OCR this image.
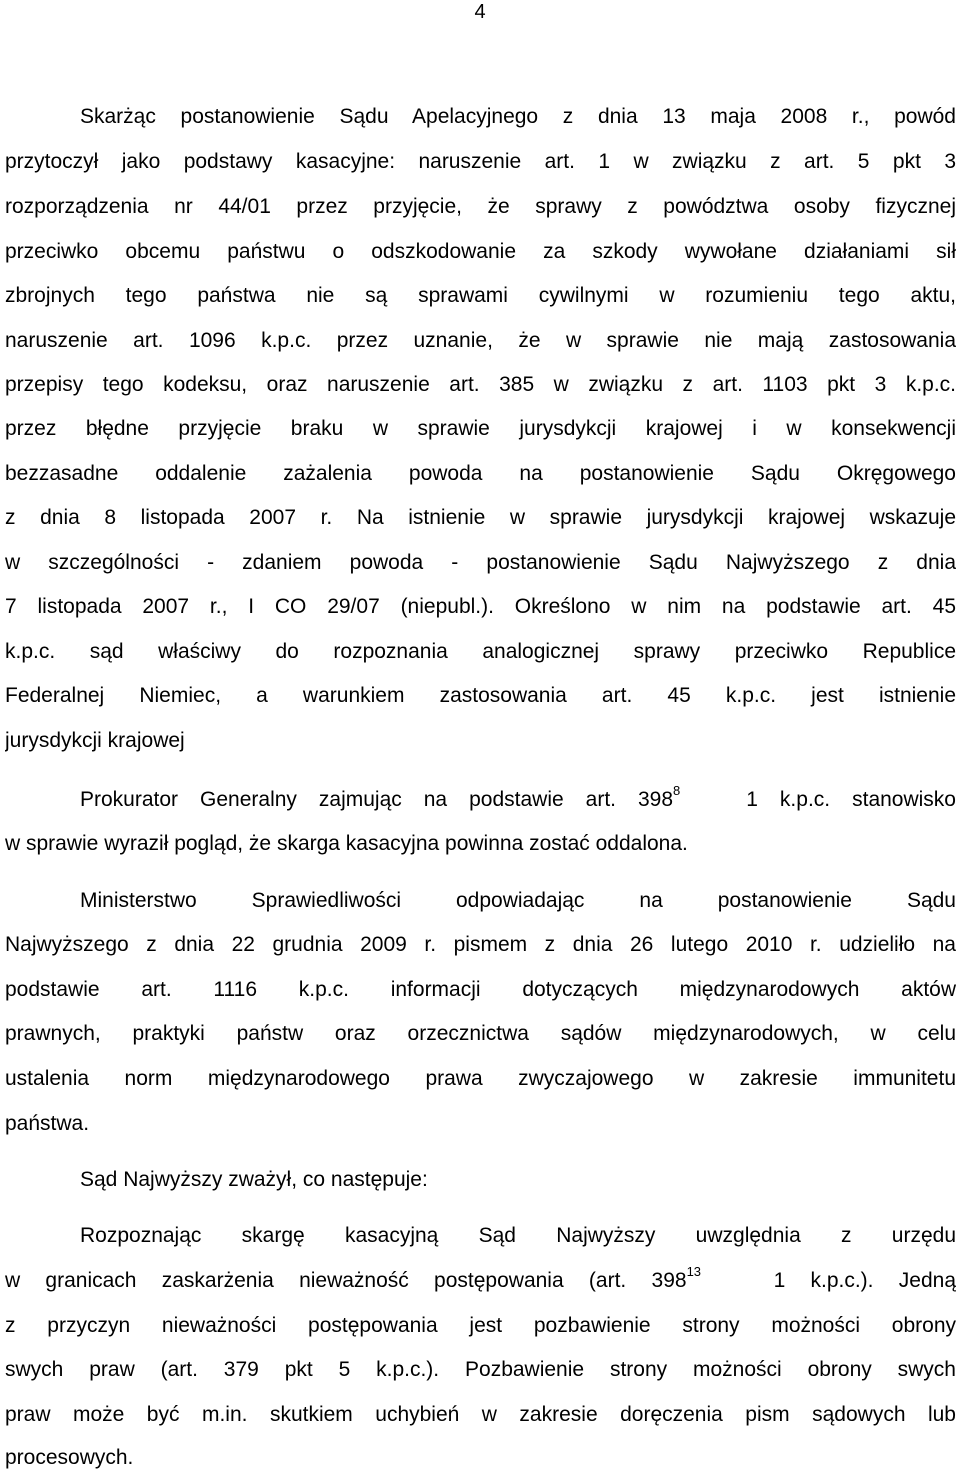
4
Skarżąc postanowienie Sądu Apelacyjnego z dnia 13 maja 2008 r., powód
przytoczył jako podstawy kasacyjne: naruszenie art. 1 w związku z art. 5 pkt 3
rozporządzenia nr 44/01 przez przyjęcie, że sprawy z powództwa osoby fizycznej
przeciwko obcemu państwu o odszkodowanie za szkody wywołane działaniami sił
zbrojnych tego państwa nie są sprawami cywilnymi w rozumieniu tego aktu,
naruszenie art. 1096 k.p.c. przez uznanie, że w sprawie nie mają zastosowania
przepisy tego kodeksu, oraz naruszenie art. 385 w związku z art. 1103 pkt 3 k.p.c.
przez błędne przyjęcie braku w sprawie jurysdykcji krajowej i w konsekwencji
bezzasadne oddalenie zażalenia powoda na postanowienie Sądu Okręgowego
z dnia 8 listopada 2007 r. Na istnienie w sprawie jurysdykcji krajowej wskazuje
w szczególności - zdaniem powoda - postanowienie Sądu Najwyższego z dnia
7 listopada 2007 r., I CO 29/07 (niepubl.). Określono w nim na podstawie art. 45
k.p.c. sąd właściwy do rozpoznania analogicznej sprawy przeciwko Republice
Federalnej Niemiec, a warunkiem zastosowania art. 45 k.p.c. jest istnienie
jurysdykcji krajowej
Prokurator Generalny zajmując na podstawie art. $398^8$	1 k.p.c. stanowisko
w sprawie wyraził pogląd, że skarga kasacyjna powinna zostać oddalona.
Ministerstwo Sprawiedliwości odpowiadając na postanowienie Sądu
Najwyższego z dnia 22 grudnia 2009 r. pismem z dnia 26 lutego 2010 r. udzieliło na
podstawie art. 1116 k.p.c. informacji dotyczących międzynarodowych aktów
prawnych, praktyki państw oraz orzecznictwa sądów międzynarodowych, w celu
ustalenia norm międzynarodowego prawa zwyczajowego w zakresie immunitetu
państwa.
Sąd Najwyższy zważył, co następuje:
Rozpoznając skargę kasacyjną Sąd Najwyższy uwzględnia z urzędu
w granicach zaskarżenia nieważność postępowania (art. $398^{13}$	1 k.p.c.). Jedną
z przyczyn nieważności postępowania jest pozbawienie strony możności obrony
swych praw (art. 379 pkt 5 k.p.c.). Pozbawienie strony możności obrony swych
praw może być m.in. skutkiem uchybień w zakresie doręczenia pism sądowych lub
procesowych.
